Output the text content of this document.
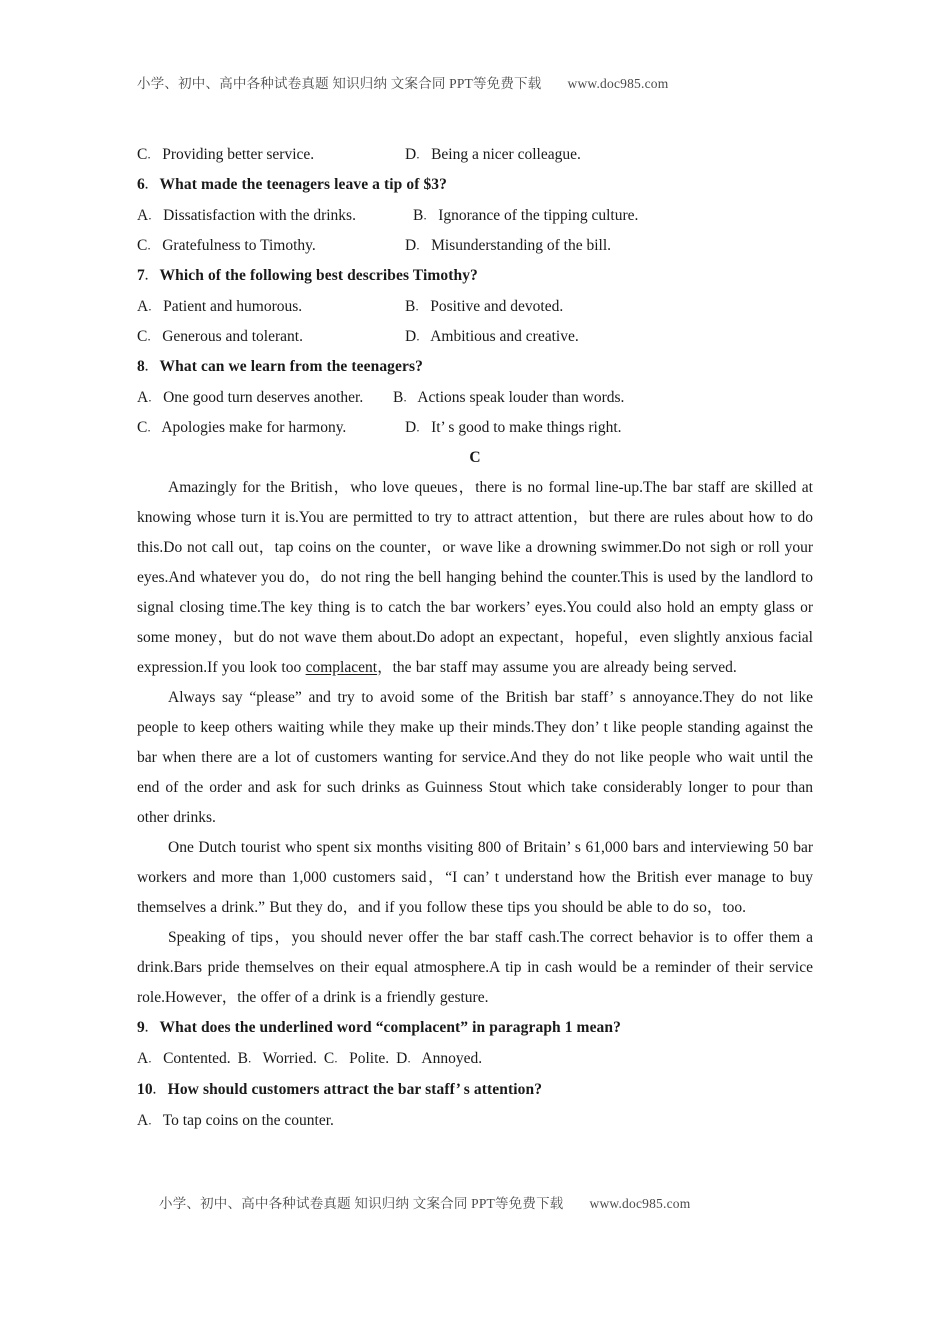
小学、初中、高中各种试卷真题 知识归纳 文案合同 PPT等免费下载 www.doc985.com
C． Providing better service.	D． Being a nicer colleague.
6． What made the teenagers leave a tip of $3?
A． Dissatisfaction with the drinks.	B． Ignorance of the tipping culture.
C． Gratefulness to Timothy.	D． Misunderstanding of the bill.
7． Which of the following best describes Timothy?
A． Patient and humorous.	B． Positive and devoted.
C． Generous and tolerant.	D． Ambitious and creative.
8． What can we learn from the teenagers?
A． One good turn deserves another. B． Actions speak louder than words.
C． Apologies make for harmony.	D． It’ s good to make things right.
C

Amazingly for the British，who love queues，there is no formal line-up.The bar staff are skilled at knowing whose turn it is.You are permitted to try to attract attention，but there are rules about how to do this.Do not call out，tap coins on the counter，or wave like a drowning swimmer.Do not sigh or roll your eyes.And whatever you do，do not ring the bell hanging behind the counter.This is used by the landlord to signal closing time.The key thing is to catch the bar workers’ eyes.You could also hold an empty glass or some money，but do not wave them about.Do adopt an expectant，hopeful，even slightly anxious facial expression.If you look too complacent，the bar staff may assume you are already being served.

Always say “please” and try to avoid some of the British bar staff’ s annoyance.They do not like people to keep others waiting while they make up their minds.They don’ t like people standing against the bar when there are a lot of customers wanting for service.And they do not like people who wait until the end of the order and ask for such drinks as Guinness Stout which take considerably longer to pour than other drinks.

One Dutch tourist who spent six months visiting 800 of Britain’ s 61,000 bars and interviewing 50 bar workers and more than 1,000 customers said，“I can’ t understand how the British ever manage to buy themselves a drink.” But they do，and if you follow these tips you should be able to do so，too.

Speaking of tips，you should never offer the bar staff cash.The correct behavior is to offer them a drink.Bars pride themselves on their equal atmosphere.A tip in cash would be a reminder of their service role.However，the offer of a drink is a friendly gesture.

9． What does the underlined word “complacent” in paragraph 1 mean?
A． Contented. B． Worried. C． Polite. D． Annoyed.
10． How should customers attract the bar staff’ s attention?
A． To tap coins on the counter.
小学、初中、高中各种试卷真题 知识归纳 文案合同 PPT等免费下载 www.doc985.com
